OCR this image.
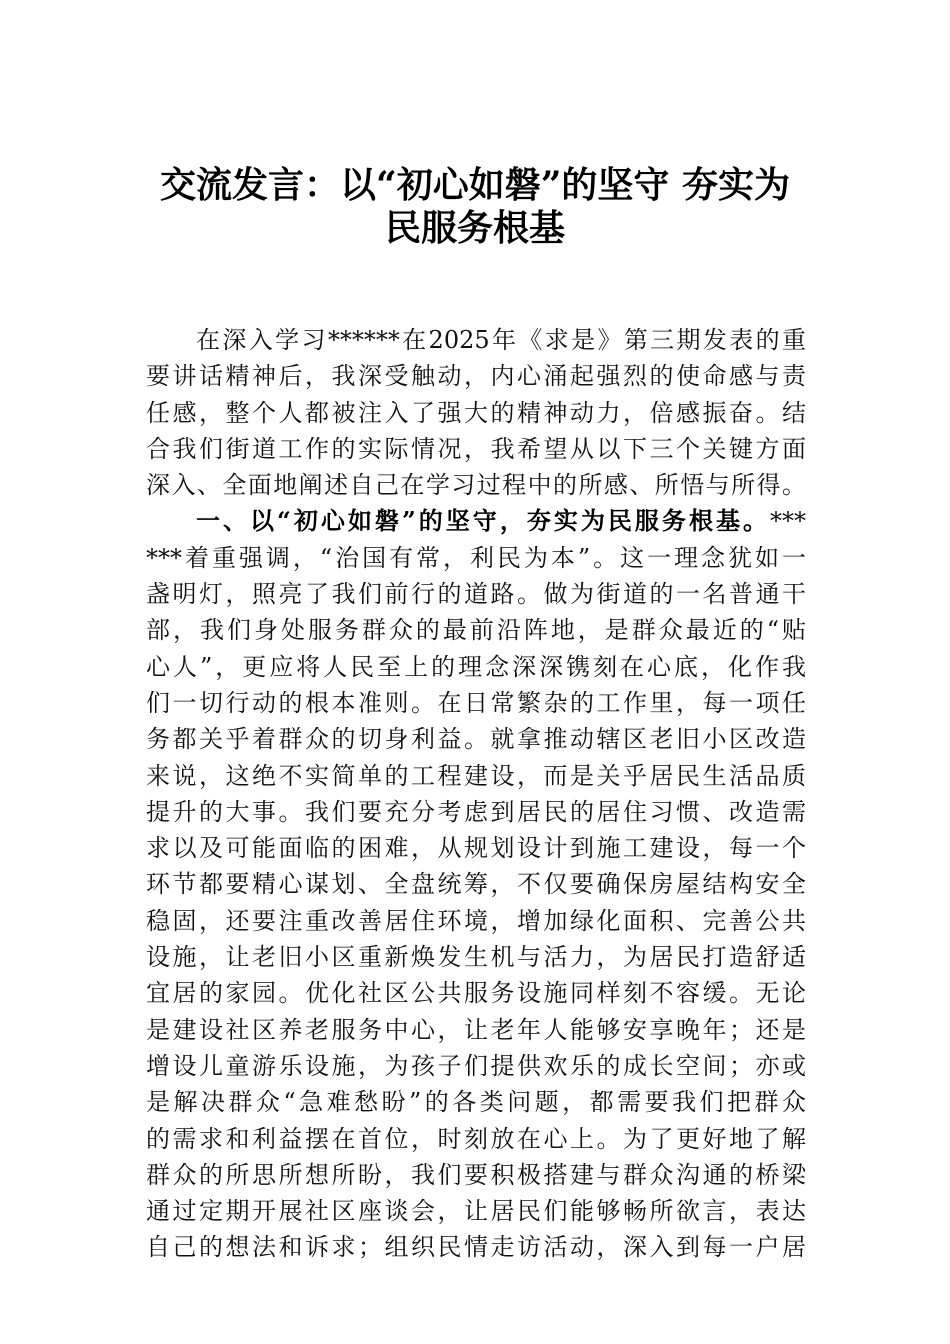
交流发言：以“初心如磐”的坚守 夯实为
民服务根基
在深入学习******在2025年《求是》第三期发表的重
要讲话精神后，我深受触动，内心涌起强烈的使命感与责
任感，整个人都被注入了强大的精神动力，倍感振奋。结
合我们街道工作的实际情况，我希望从以下三个关键方面
深入、全面地阐述自己在学习过程中的所感、所悟与所得。
一、以“初心如磐”的坚守，夯实为民服务根基。***
***着重强调，“治国有常，利民为本”。这一理念犹如一
盏明灯，照亮了我们前行的道路。做为街道的一名普通干
部，我们身处服务群众的最前沿阵地，是群众最近的“贴
心人”，更应将人民至上的理念深深镌刻在心底，化作我
们一切行动的根本准则。在日常繁杂的工作里，每一项任
务都关乎着群众的切身利益。就拿推动辖区老旧小区改造
来说，这绝不实简单的工程建设，而是关乎居民生活品质
提升的大事。我们要充分考虑到居民的居住习惯、改造需
求以及可能面临的困难，从规划设计到施工建设，每一个
环节都要精心谋划、全盘统筹，不仅要确保房屋结构安全
稳固，还要注重改善居住环境，增加绿化面积、完善公共
设施，让老旧小区重新焕发生机与活力，为居民打造舒适
宜居的家园。优化社区公共服务设施同样刻不容缓。无论
是建设社区养老服务中心，让老年人能够安享晚年；还是
增设儿童游乐设施，为孩子们提供欢乐的成长空间；亦或
是解决群众“急难愁盼”的各类问题，都需要我们把群众
的需求和利益摆在首位，时刻放在心上。为了更好地了解
群众的所思所想所盼，我们要积极搭建与群众沟通的桥梁
通过定期开展社区座谈会，让居民们能够畅所欲言，表达
自己的想法和诉求；组织民情走访活动，深入到每一户居
